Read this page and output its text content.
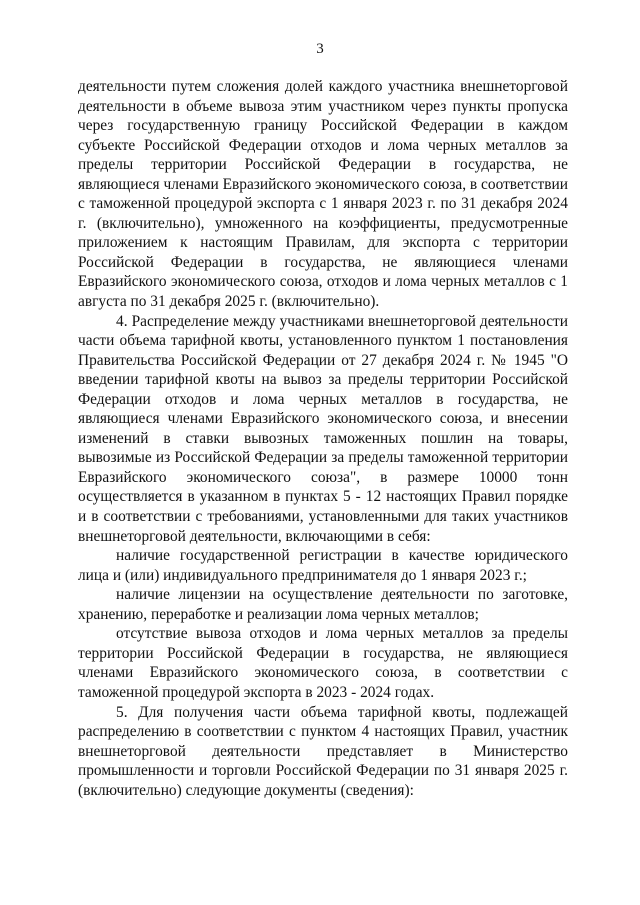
3

деятельности путем сложения долей каждого участника внешнеторговой деятельности в объеме вывоза этим участником через пункты пропуска через государственную границу Российской Федерации в каждом субъекте Российской Федерации отходов и лома черных металлов за пределы территории Российской Федерации в государства, не являющиеся членами Евразийского экономического союза, в соответствии с таможенной процедурой экспорта с 1 января 2023 г. по 31 декабря 2024 г. (включительно), умноженного на коэффициенты, предусмотренные приложением к настоящим Правилам, для экспорта с территории Российской Федерации в государства, не являющиеся членами Евразийского экономического союза, отходов и лома черных металлов с 1 августа по 31 декабря 2025 г. (включительно).

4. Распределение между участниками внешнеторговой деятельности части объема тарифной квоты, установленного пунктом 1 постановления Правительства Российской Федерации от 27 декабря 2024 г. № 1945 "О введении тарифной квоты на вывоз за пределы территории Российской Федерации отходов и лома черных металлов в государства, не являющиеся членами Евразийского экономического союза, и внесении изменений в ставки вывозных таможенных пошлин на товары, вывозимые из Российской Федерации за пределы таможенной территории Евразийского экономического союза", в размере 10000 тонн осуществляется в указанном в пунктах 5 - 12 настоящих Правил порядке и в соответствии с требованиями, установленными для таких участников внешнеторговой деятельности, включающими в себя:

наличие государственной регистрации в качестве юридического лица и (или) индивидуального предпринимателя до 1 января 2023 г.;

наличие лицензии на осуществление деятельности по заготовке, хранению, переработке и реализации лома черных металлов;

отсутствие вывоза отходов и лома черных металлов за пределы территории Российской Федерации в государства, не являющиеся членами Евразийского экономического союза, в соответствии с таможенной процедурой экспорта в 2023 - 2024 годах.

5. Для получения части объема тарифной квоты, подлежащей распределению в соответствии с пунктом 4 настоящих Правил, участник внешнеторговой деятельности представляет в Министерство промышленности и торговли Российской Федерации по 31 января 2025 г. (включительно) следующие документы (сведения):
